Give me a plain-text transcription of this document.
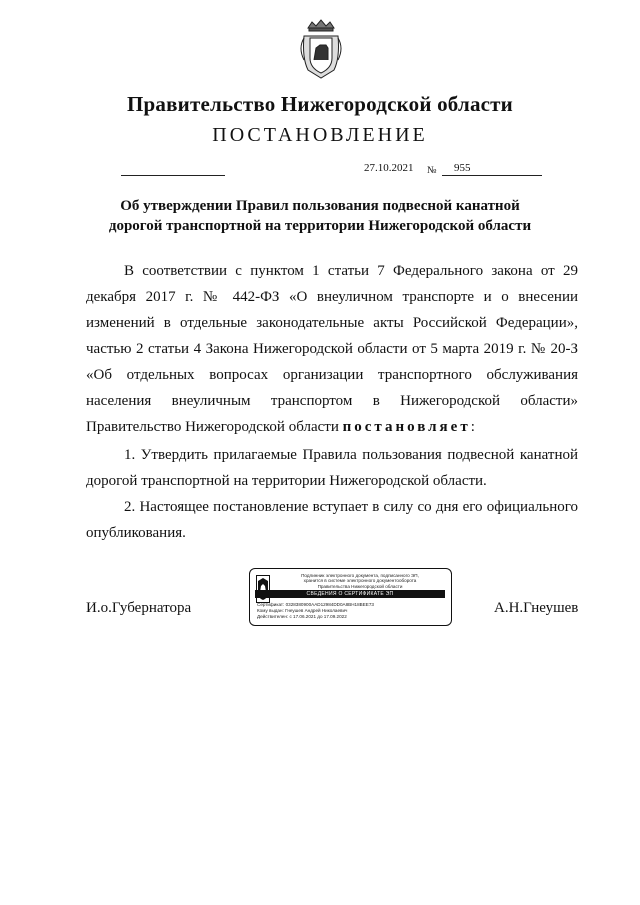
Правительство Нижегородской области
ПОСТАНОВЛЕНИЕ
27.10.2021 № 955
Об утверждении Правил пользования подвесной канатной
дорогой транспортной на территории Нижегородской области
В соответствии с пунктом 1 статьи 7 Федерального закона от 29 декабря 2017 г. № 442-ФЗ «О внеуличном транспорте и о внесении изменений в отдельные законодательные акты Российской Федерации», частью 2 статьи 4 Закона Нижегородской области от 5 марта 2019 г. № 20-З «Об отдельных вопросах организации транспортного обслуживания населения внеуличным транспортом в Нижегородской области» Правительство Нижегородской области постановляет:
1. Утвердить прилагаемые Правила пользования подвесной канатной дорогой транспортной на территории Нижегородской области.
2. Настоящее постановление вступает в силу со дня его официального опубликования.
И.о.Губернатора	А.Н.Гнеушев
Подлинник электронного документа, подписанного ЭП,
хранится в системе электронного документооборота
Правительства Нижегородской области
СВЕДЕНИЯ О СЕРТИФИКАТЕ ЭП
Сертификат: 0328380900AAD12984DD0A8BH18BEE73
Кому выдан: Гнеушев Андрей Николаевич
Действителен: с 17.06.2021 до 17.09.2022
